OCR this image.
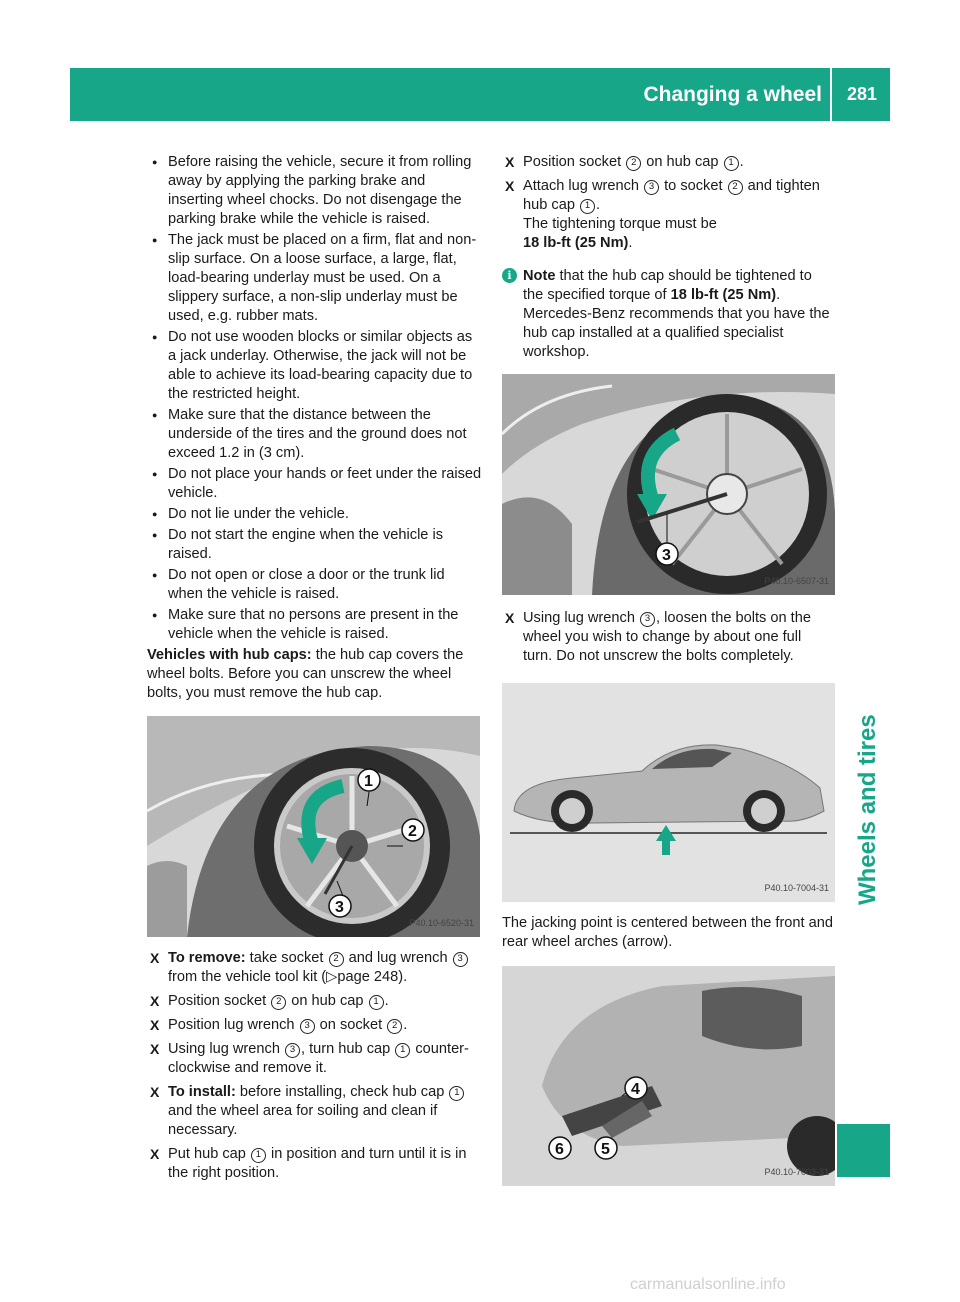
Changing a wheel	281
Wheels and tires
● Before raising the vehicle, secure it from rolling away by applying the parking brake and inserting wheel chocks. Do not disengage the parking brake while the vehicle is raised.
● The jack must be placed on a firm, flat and non-slip surface. On a loose surface, a large, flat, load-bearing underlay must be used. On a slippery surface, a non-slip underlay must be used, e.g. rubber mats.
● Do not use wooden blocks or similar objects as a jack underlay. Otherwise, the jack will not be able to achieve its load-bearing capacity due to the restricted height.
● Make sure that the distance between the underside of the tires and the ground does not exceed 1.2 in (3 cm).
● Do not place your hands or feet under the raised vehicle.
● Do not lie under the vehicle.
● Do not start the engine when the vehicle is raised.
● Do not open or close a door or the trunk lid when the vehicle is raised.
● Make sure that no persons are present in the vehicle when the vehicle is raised.
Vehicles with hub caps: the hub cap covers the wheel bolts. Before you can unscrew the wheel bolts, you must remove the hub cap.
1
2
3
P40.10-6520-31
X To remove: take socket 2 and lug wrench 3 from the vehicle tool kit (▷page 248).
X Position socket 2 on hub cap 1 .
X Position lug wrench 3 on socket 2 .
X Using lug wrench 3 , turn hub cap 1 counter-clockwise and remove it.
X To install: before installing, check hub cap 1 and the wheel area for soiling and clean if necessary.
X Put hub cap 1 in position and turn until it is in the right position.
X Position socket 2 on hub cap 1 .
X Attach lug wrench 3 to socket 2 and tighten hub cap 1 .
The tightening torque must be
18 lb-ft (25 Nm).
i Note that the hub cap should be tightened to the specified torque of 18 lb-ft (25 Nm). Mercedes-Benz recommends that you have the hub cap installed at a qualified specialist workshop.
3
P40.10-6507-31
X Using lug wrench 3 , loosen the bolts on the wheel you wish to change by about one full turn. Do not unscrew the bolts completely.
P40.10-7004-31
The jacking point is centered between the front and rear wheel arches (arrow).
4
5
6
P40.10-7003-31
carmanualsonline.info
